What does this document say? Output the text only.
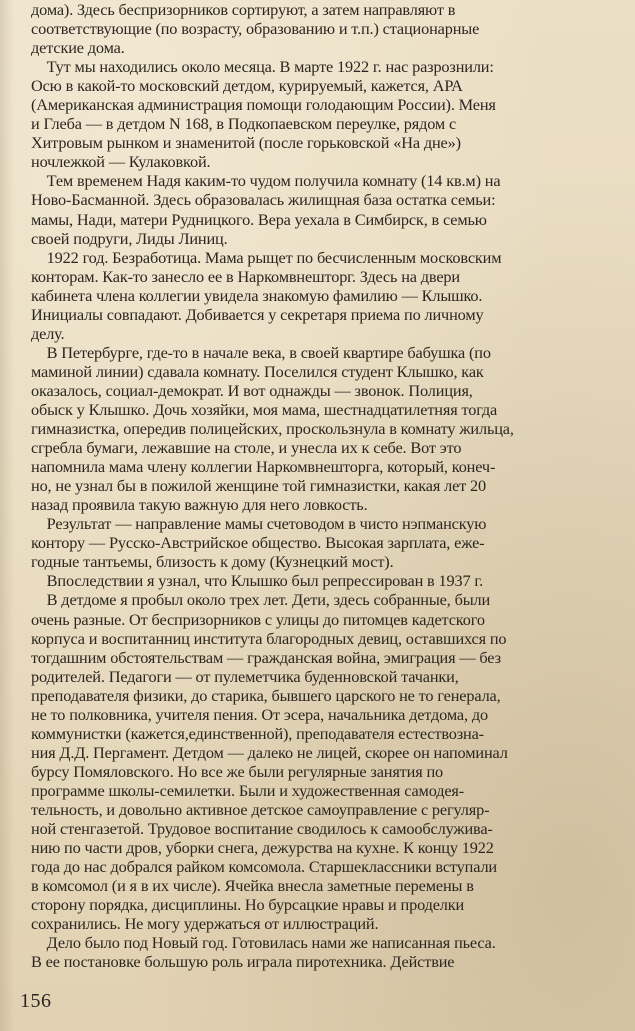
дома). Здесь беспризорников сортируют, а затем направляют в
соответствующие (по возрасту, образованию и т.п.) стационарные
детские дома.
Тут мы находились около месяца. В марте 1922 г. нас разрознили:
Осю в какой-то московский детдом, курируемый, кажется, АРА
(Американская администрация помощи голодающим России). Меня
и Глеба — в детдом N 168, в Подкопаевском переулке, рядом с
Хитровым рынком и знаменитой (после горьковской «На дне»)
ночлежкой — Кулаковкой.
Тем временем Надя каким-то чудом получила комнату (14 кв.м) на
Ново-Басманной. Здесь образовалась жилищная база остатка семьи:
мамы, Нади, матери Рудницкого. Вера уехала в Симбирск, в семью
своей подруги, Лиды Линиц.
1922 год. Безработица. Мама рыщет по бесчисленным московским
конторам. Как-то занесло ее в Наркомвнешторг. Здесь на двери
кабинета члена коллегии увидела знакомую фамилию — Клышко.
Инициалы совпадают. Добивается у секретаря приема по личному
делу.
В Петербурге, где-то в начале века, в своей квартире бабушка (по
маминой линии) сдавала комнату. Поселился студент Клышко, как
оказалось, социал-демократ. И вот однажды — звонок. Полиция,
обыск у Клышко. Дочь хозяйки, моя мама, шестнадцатилетняя тогда
гимназистка, опередив полицейских, проскользнула в комнату жильца,
сгребла бумаги, лежавшие на столе, и унесла их к себе. Вот это
напомнила мама члену коллегии Наркомвнешторга, который, конеч-
но, не узнал бы в пожилой женщине той гимназистки, какая лет 20
назад проявила такую важную для него ловкость.
Результат — направление мамы счетоводом в чисто нэпманскую
контору — Русско-Австрийское общество. Высокая зарплата, еже-
годные тантьемы, близость к дому (Кузнецкий мост).
Впоследствии я узнал, что Клышко был репрессирован в 1937 г.
В детдоме я пробыл около трех лет. Дети, здесь собранные, были
очень разные. От беспризорников с улицы до питомцев кадетского
корпуса и воспитанниц института благородных девиц, оставшихся по
тогдашним обстоятельствам — гражданская война, эмиграция — без
родителей. Педагоги — от пулеметчика буденновской тачанки,
преподавателя физики, до старика, бывшего царского не то генерала,
не то полковника, учителя пения. От эсера, начальника детдома, до
коммунистки (кажется,единственной), преподавателя естествозна-
ния Д.Д. Пергамент. Детдом — далеко не лицей, скорее он напоминал
бурсу Помяловского. Но все же были регулярные занятия по
программе школы-семилетки. Были и художественная самодея-
тельность, и довольно активное детское самоуправление с регуляр-
ной стенгазетой. Трудовое воспитание сводилось к самообслужива-
нию по части дров, уборки снега, дежурства на кухне. К концу 1922
года до нас добрался райком комсомола. Старшеклассники вступали
в комсомол (и я в их числе). Ячейка внесла заметные перемены в
сторону порядка, дисциплины. Но бурсацкие нравы и проделки
сохранились. Не могу удержаться от иллюстраций.
Дело было под Новый год. Готовилась нами же написанная пьеса.
В ее постановке большую роль играла пиротехника. Действие
156
